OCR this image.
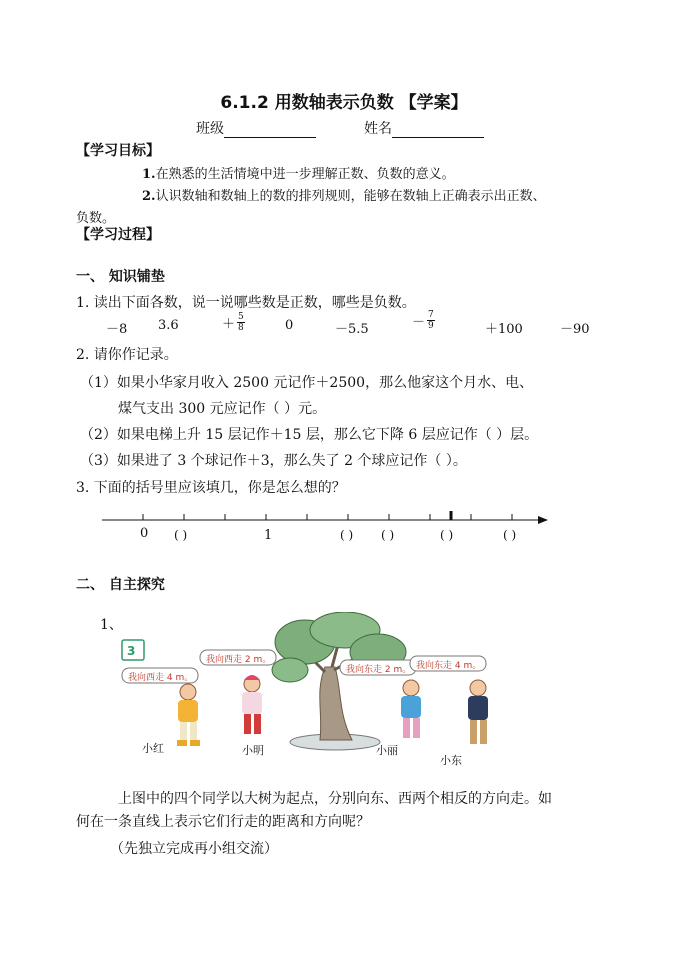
6.1.2 用数轴表示负数 【学案】
班级	姓名
【学习目标】
1.在熟悉的生活情境中进一步理解正数、负数的意义。
2.认识数轴和数轴上的数的排列规则，能够在数轴上正确表示出正数、
负数。
【学习过程】
一、 知识铺垫
1. 读出下面各数，说一说哪些数是正数，哪些是负数。
－8 3.6	＋ $\frac{5}{8}$	0	－5.5	－ $\frac{7}{9}$	＋100	－90
2. 请你作记录。
（1）如果小华家月收入 2500 元记作＋2500，那么他家这个月水、电、
煤气支出 300 元应记作（ ）元。
（2）如果电梯上升 15 层记作＋15 层，那么它下降 6 层应记作（ ）层。
（3）如果进了 3 个球记作＋3，那么失了 2 个球应记作（ ）。
3. 下面的括号里应该填几，你是怎么想的？
0	1
( )	( ) ( )	( )	( )
二、 自主探究
1、
3
我向西走 4 m。
我向西走 2 m。
我向东走 2 m。 我向东走 4 m。
小红	小明	小丽
小东
上图中的四个同学以大树为起点，分别向东、西两个相反的方向走。如
何在一条直线上表示它们行走的距离和方向呢？
（先独立完成再小组交流）
